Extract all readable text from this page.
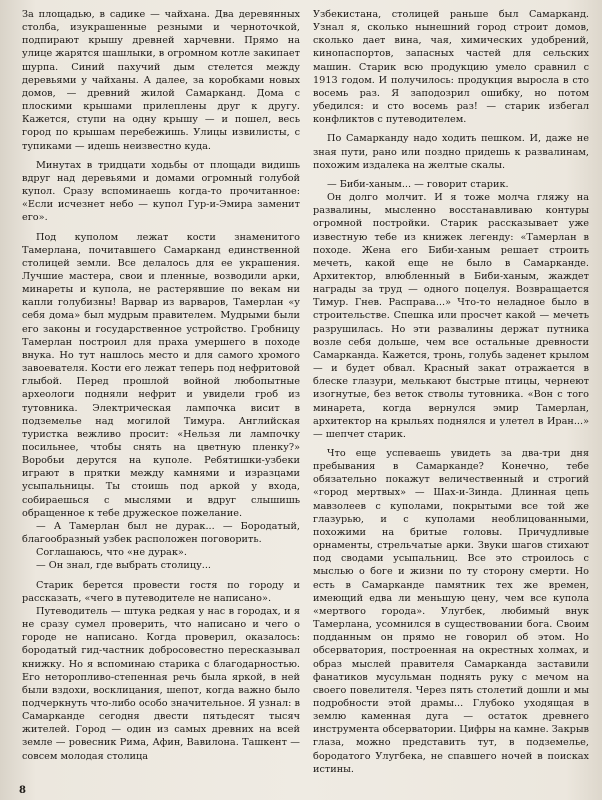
За площадью, в садике — чайхана. Два деревянных столба, изукрашенные резными и черноточкой, подпирают крышу древней харчевни. Прямо на улице жарятся шашлыки, в огромном котле закипает шурпа. Синий пахучий дым стелется между деревьями у чайханы. А далее, за коробками новых домов, — древний жилой Самарканд. Дома с плоскими крышами прилеплены друг к другу. Кажется, ступи на одну крышу — и пошел, весь город по крышам перебежишь. Улицы извилисты, с тупиками — идешь неизвестно куда.

Минутах в тридцати ходьбы от площади видишь вдруг над деревьями и домами огромный голубой купол. Сразу вспоминаешь когда-то прочитанное: «Если исчезнет небо — купол Гур-и-Эмира заменит его».

Под куполом лежат кости знаменитого Тамерлана, почитавшего Самарканд единственной столицей земли. Все делалось для ее украшения. Лучшие мастера, свои и пленные, возводили арки, минареты и купола, не растерявшие по векам ни капли голубизны! Варвар из варваров, Тамерлан «у себя дома» был мудрым правителем. Мудрыми были его законы и государственное устройство. Гробницу Тамерлан построил для праха умершего в походе внука. Но тут нашлось место и для самого хромого завоевателя. Кости его лежат теперь под нефритовой глыбой. Перед прошлой войной любопытные археологи подняли нефрит и увидели гроб из тутовника. Электрическая лампочка висит в подземелье над могилой Тимура. Английская туристка вежливо просит: «Нельзя ли лампочку посильнее, чтобы снять на цветную пленку?» Воробьи дерутся на куполе. Ребятишки-узбеки играют в прятки между камнями и изразцами усыпальницы. Ты стоишь под аркой у входа, собираешься с мыслями и вдруг слышишь обращенное к тебе дружеское пожелание.

— А Тамерлан был не дурак... — Бородатый, благообразный узбек расположен поговорить.

Соглашаюсь, что «не дурак».

— Он знал, где выбрать столицу...

Старик берется провести гостя по городу и рассказать, «чего в путеводителе не написано».

Путеводитель — штука редкая у нас в городах, и я не сразу сумел проверить, что написано и чего о городе не написано. Когда проверил, оказалось: бородатый гид-частник добросовестно пересказывал книжку. Но я вспоминаю старика с благодарностью. Его неторопливо-степенная речь была яркой, в ней были вздохи, восклицания, шепот, когда важно было подчеркнуть что-либо особо значительное. Я узнал: в Самарканде сегодня двести пятьдесят тысяч жителей. Город — один из самых древних на всей земле — ровесник Рима, Афин, Вавилона. Ташкент — совсем молодая столица

Узбекистана, столицей раньше был Самарканд. Узнал я, сколько нынешний город строит домов, сколько дает вина, чая, химических удобрений, кинопаспортов, запасных частей для сельских машин. Старик всю продукцию умело сравнил с 1913 годом. И получилось: продукция выросла в сто восемь раз. Я заподозрил ошибку, но потом убедился: и сто восемь раз! — старик избегал конфликтов с путеводителем.

По Самарканду надо ходить пешком. И, даже не зная пути, рано или поздно придешь к развалинам, похожим издалека на желтые скалы.

— Биби-ханым... — говорит старик.

Он долго молчит. И я тоже молча гляжу на развалины, мысленно восстанавливаю контуры огромной постройки. Старик рассказывает уже известную тебе из книжек легенду: «Тамерлан в походе. Жена его Биби-ханым решает строить мечеть, какой еще не было в Самарканде. Архитектор, влюбленный в Биби-ханым, жаждет награды за труд — одного поцелуя. Возвращается Тимур. Гнев. Расправа...» Что-то неладное было в строительстве. Спешка или просчет какой — мечеть разрушилась. Но эти развалины держат путника возле себя дольше, чем все остальные древности Самарканда. Кажется, тронь, голубь заденет крылом — и будет обвал. Красный закат отражается в блеске глазури, мелькают быстрые птицы, чернеют изогнутые, без веток стволы тутовника. «Вон с того минарета, когда вернулся эмир Тамерлан, архитектор на крыльях поднялся и улетел в Иран...» — шепчет старик.

Что еще успеваешь увидеть за два-три дня пребывания в Самарканде? Конечно, тебе обязательно покажут величественный и строгий «город мертвых» — Шах-и-Зинда. Длинная цепь мавзолеев с куполами, покрытыми все той же глазурью, и с куполами необлицованными, похожими на бритые головы. Причудливые орнаменты, стрельчатые арки. Звуки шагов стихают под сводами усыпальниц. Все это строилось с мыслью о боге и жизни по ту сторону смерти. Но есть в Самарканде памятник тех же времен, имеющий едва ли меньшую цену, чем все купола «мертвого города». Улугбек, любимый внук Тамерлана, усомнился в существовании бога. Своим подданным он прямо не говорил об этом. Но обсерватория, построенная на окрестных холмах, и образ мыслей правителя Самарканда заставили фанатиков мусульман поднять руку с мечом на своего повелителя. Через пять столетий дошли и мы подробности этой драмы... Глубоко уходящая в землю каменная дуга — остаток древнего инструмента обсерватории. Цифры на камне. Закрыв глаза, можно представить тут, в подземелье, бородатого Улугбека, не спавшего ночей в поисках истины.

8
